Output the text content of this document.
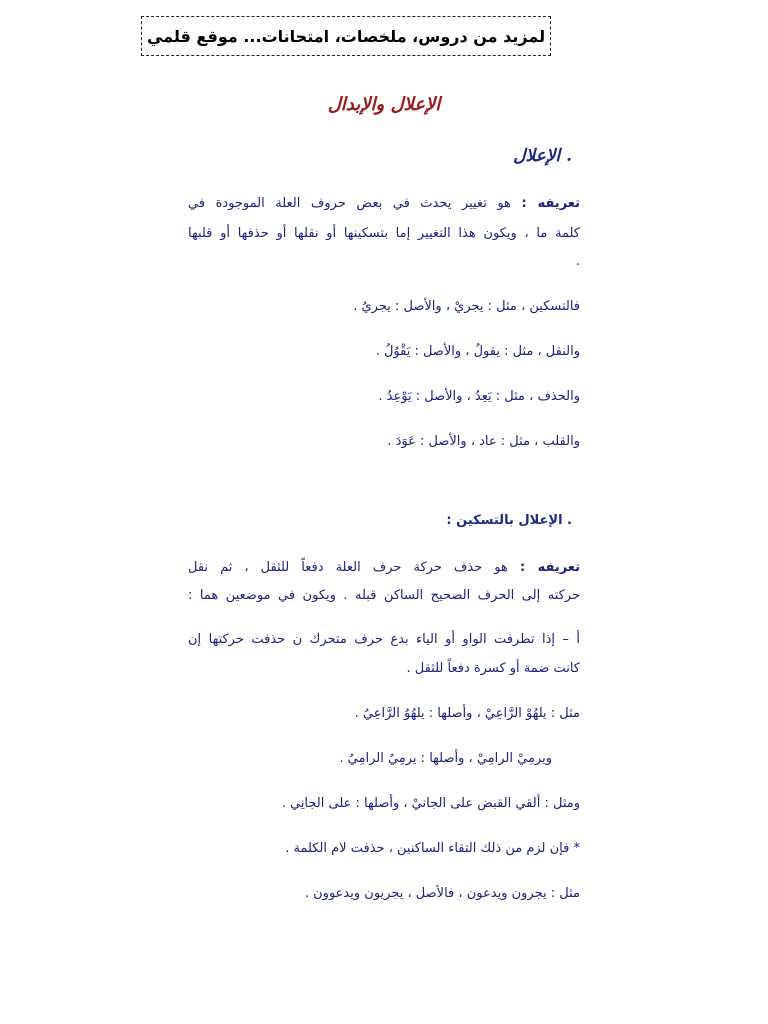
لمزيد من دروس، ملخصات، امتحانات... موقع قلمي
الإعلال والإبدال
. الإعلال
تعريفه : هو تغيير يحدث في بعض حروف العلة الموجودة في
كلمة ما ، ويكون هذا التغيير إما بتسكينها أو نقلها أو حذفها أو قلبها
.
فالتسكين ، مثل : يجريْ ، والأصل : يجريُ .
والنقل ، مثل : يقولُ ، والأصل : يَقْوُلُ .
والحذف ، مثل : يَعِدُ ، والأصل : يَوْعِدُ .
والقلب ، مثل : عاد ، والأصل : عَوَدَ .
. الإعلال بالتسكين :
تعريفه : هو حذف حركة حرف العلة دفعاً للثقل ، ثم نقل
حركته إلى الحرف الصحيح الساكن قبله . ويكون في موضعين هما :
أ – إذا تطرفت الواو أو الياء بدع حرف متحرك ن حذفت حركتها إن
كانت ضمة أو كسرة دفعاً للثقل .
مثل : يلهُوْ الرَّاعِيْ ، وأصلها : يلهُوُ الرَّاعِيُ .
ويرمِيْ الرامِيْ ، وأصلها : يرمِيُ الرامِيُ .
ومثل : ألقي القبض على الجانيْ ، وأصلها : على الجانِي .
* فإن لزم من ذلك التقاء الساكنين ، حذفت لام الكلمة .
مثل : يجرون ويدعون ، فالأصل ، يجريون ويدعوون .
